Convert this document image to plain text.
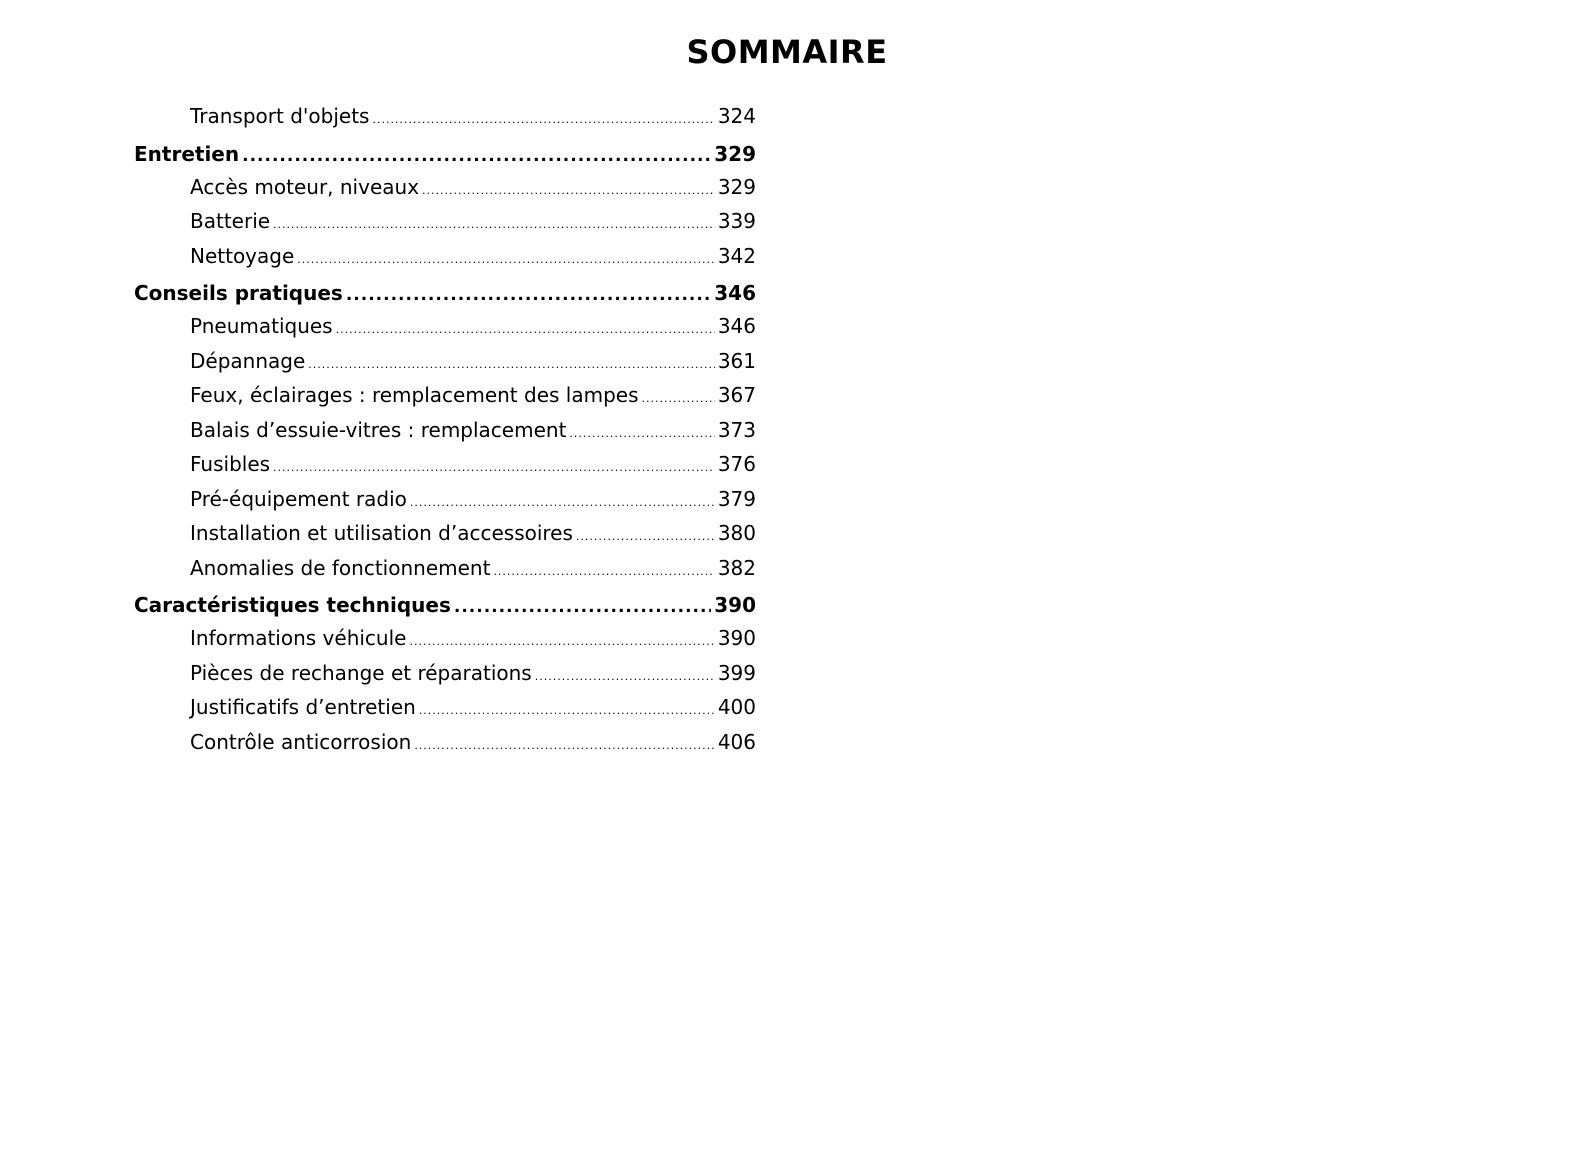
SOMMAIRE
Transport d'objets .....	324
Entretien .....	329
Accès moteur, niveaux .....	329
Batterie .....	339
Nettoyage .....	342
Conseils pratiques .....	346
Pneumatiques .....	346
Dépannage .....	361
Feux, éclairages : remplacement des lampes .....	367
Balais d’essuie-vitres : remplacement .....	373
Fusibles .....	376
Pré-équipement radio .....	379
Installation et utilisation d’accessoires .....	380
Anomalies de fonctionnement .....	382
Caractéristiques techniques .....	390
Informations véhicule .....	390
Pièces de rechange et réparations .....	399
Justificatifs d’entretien .....	400
Contrôle anticorrosion .....	406
